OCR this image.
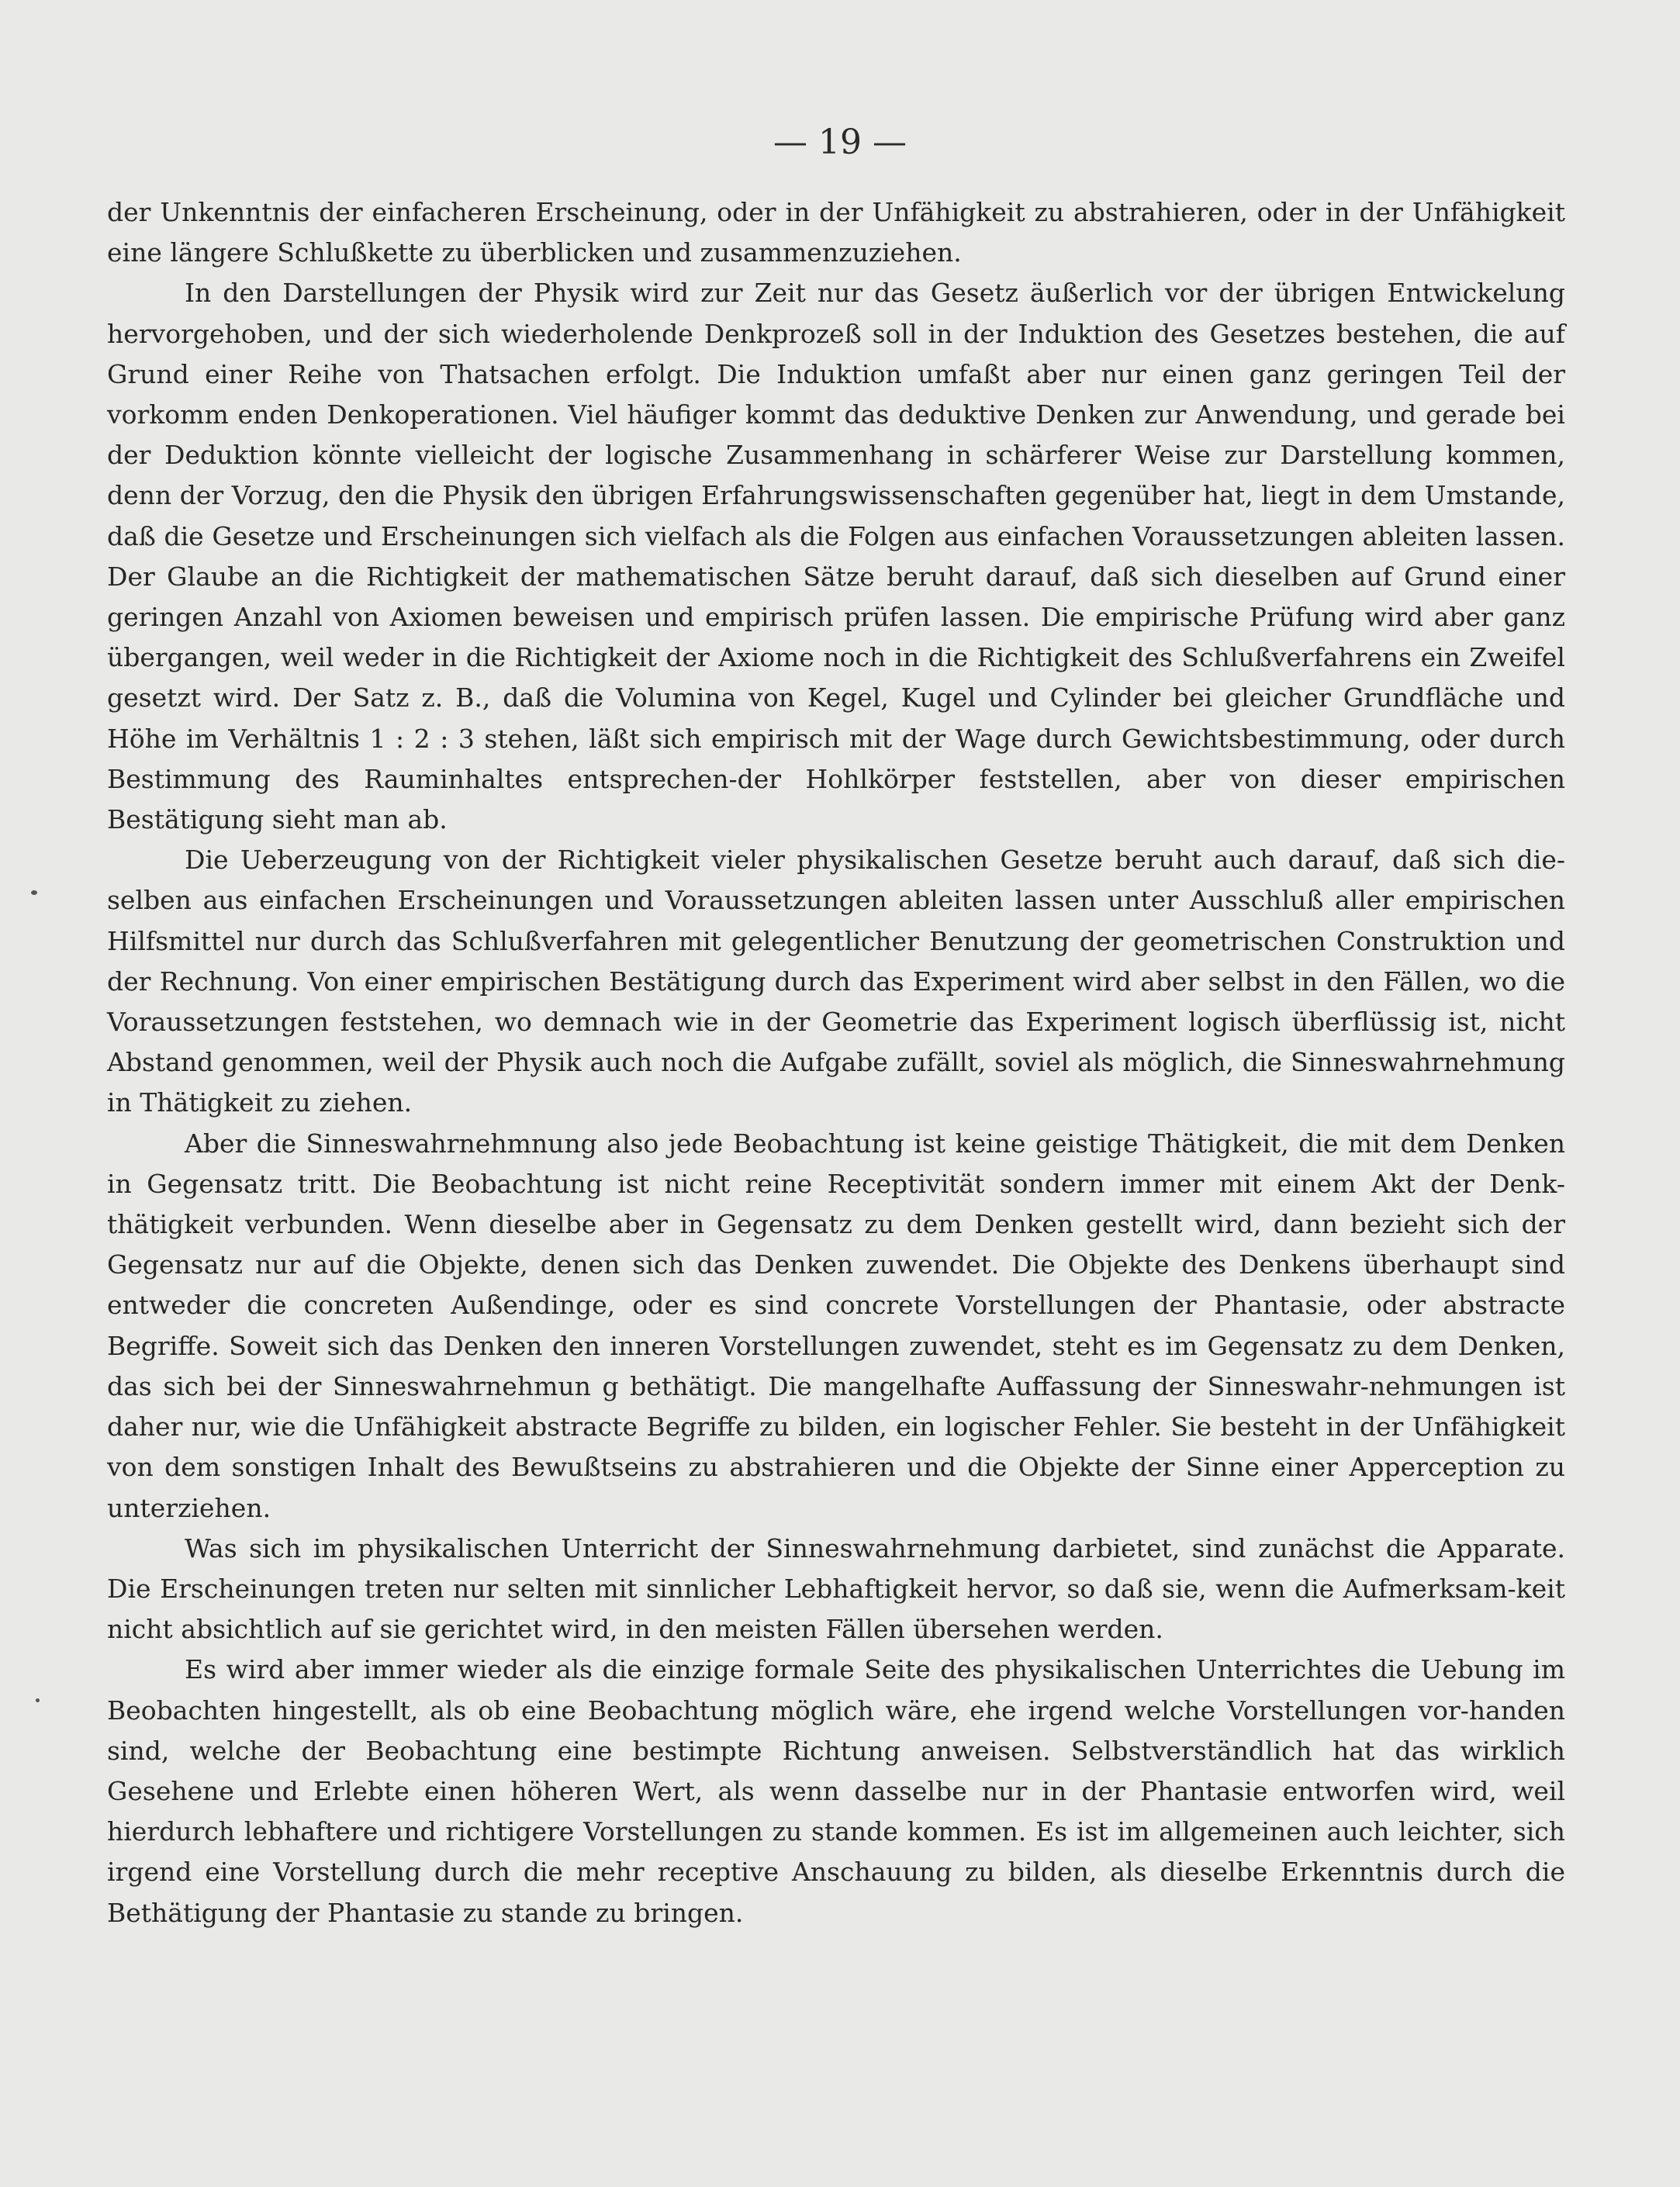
— 19 —

der Unkenntnis der einfacheren Erscheinung, oder in der Unfähigkeit zu abstrahieren, oder in der Unfähigkeit eine längere Schlußkette zu überblicken und zusammenzuziehen.

In den Darstellungen der Physik wird zur Zeit nur das Gesetz äußerlich vor der übrigen Entwickelung hervorgehoben, und der sich wiederholende Denkprozeß soll in der Induktion des Gesetzes bestehen, die auf Grund einer Reihe von Thatsachen erfolgt. Die Induktion umfaßt aber nur einen ganz geringen Teil der vorkomm enden Denkoperationen. Viel häufiger kommt das deduktive Denken zur Anwendung, und gerade bei der Deduktion könnte vielleicht der logische Zusammenhang in schärferer Weise zur Darstellung kommen, denn der Vorzug, den die Physik den übrigen Erfahrungswissenschaften gegenüber hat, liegt in dem Umstande, daß die Gesetze und Erscheinungen sich vielfach als die Folgen aus einfachen Voraussetzungen ableiten lassen. Der Glaube an die Richtigkeit der mathematischen Sätze beruht darauf, daß sich dieselben auf Grund einer geringen Anzahl von Axiomen beweisen und empirisch prüfen lassen. Die empirische Prüfung wird aber ganz übergangen, weil weder in die Richtigkeit der Axiome noch in die Richtigkeit des Schlußverfahrens ein Zweifel gesetzt wird. Der Satz z. B., daß die Volumina von Kegel, Kugel und Cylinder bei gleicher Grundfläche und Höhe im Verhältnis 1 : 2 : 3 stehen, läßt sich empirisch mit der Wage durch Gewichtsbestimmung, oder durch Bestimmung des Rauminhaltes entsprechen-der Hohlkörper feststellen, aber von dieser empirischen Bestätigung sieht man ab.

Die Ueberzeugung von der Richtigkeit vieler physikalischen Gesetze beruht auch darauf, daß sich die-selben aus einfachen Erscheinungen und Voraussetzungen ableiten lassen unter Ausschluß aller empirischen Hilfsmittel nur durch das Schlußverfahren mit gelegentlicher Benutzung der geometrischen Construktion und der Rechnung. Von einer empirischen Bestätigung durch das Experiment wird aber selbst in den Fällen, wo die Voraussetzungen feststehen, wo demnach wie in der Geometrie das Experiment logisch überflüssig ist, nicht Abstand genommen, weil der Physik auch noch die Aufgabe zufällt, soviel als möglich, die Sinneswahrnehmung in Thätigkeit zu ziehen.

Aber die Sinneswahrnehmnung also jede Beobachtung ist keine geistige Thätigkeit, die mit dem Denken in Gegensatz tritt. Die Beobachtung ist nicht reine Receptivität sondern immer mit einem Akt der Denk-thätigkeit verbunden. Wenn dieselbe aber in Gegensatz zu dem Denken gestellt wird, dann bezieht sich der Gegensatz nur auf die Objekte, denen sich das Denken zuwendet. Die Objekte des Denkens überhaupt sind entweder die concreten Außendinge, oder es sind concrete Vorstellungen der Phantasie, oder abstracte Begriffe. Soweit sich das Denken den inneren Vorstellungen zuwendet, steht es im Gegensatz zu dem Denken, das sich bei der Sinneswahrnehmun g bethätigt. Die mangelhafte Auffassung der Sinneswahr-nehmungen ist daher nur, wie die Unfähigkeit abstracte Begriffe zu bilden, ein logischer Fehler. Sie besteht in der Unfähigkeit von dem sonstigen Inhalt des Bewußtseins zu abstrahieren und die Objekte der Sinne einer Apperception zu unterziehen.

Was sich im physikalischen Unterricht der Sinneswahrnehmung darbietet, sind zunächst die Apparate. Die Erscheinungen treten nur selten mit sinnlicher Lebhaftigkeit hervor, so daß sie, wenn die Aufmerksam-keit nicht absichtlich auf sie gerichtet wird, in den meisten Fällen übersehen werden.

Es wird aber immer wieder als die einzige formale Seite des physikalischen Unterrichtes die Uebung im Beobachten hingestellt, als ob eine Beobachtung möglich wäre, ehe irgend welche Vorstellungen vor-handen sind, welche der Beobachtung eine bestimpte Richtung anweisen. Selbstverständlich hat das wirklich Gesehene und Erlebte einen höheren Wert, als wenn dasselbe nur in der Phantasie entworfen wird, weil hierdurch lebhaftere und richtigere Vorstellungen zu stande kommen. Es ist im allgemeinen auch leichter, sich irgend eine Vorstellung durch die mehr receptive Anschauung zu bilden, als dieselbe Erkenntnis durch die Bethätigung der Phantasie zu stande zu bringen.
